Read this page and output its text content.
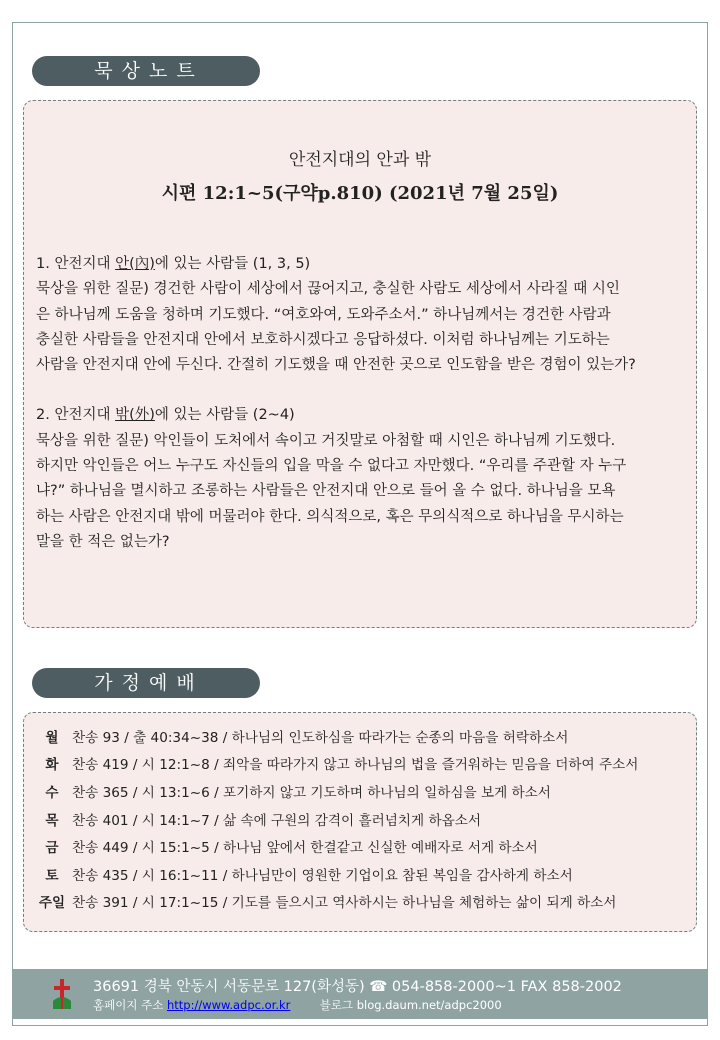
묵상노트
안전지대의 안과 밖
시편 12:1~5(구약p.810) (2021년 7월 25일)

1. 안전지대 안(內)에 있는 사람들 (1, 3, 5)

묵상을 위한 질문) 경건한 사람이 세상에서 끊어지고, 충실한 사람도 세상에서 사라질 때 시인

은 하나님께 도움을 청하며 기도했다. “여호와여, 도와주소서.” 하나님께서는 경건한 사람과

충실한 사람들을 안전지대 안에서 보호하시겠다고 응답하셨다. 이처럼 하나님께는 기도하는

사람을 안전지대 안에 두신다. 간절히 기도했을 때 안전한 곳으로 인도함을 받은 경험이 있는가?

2. 안전지대 밖(外)에 있는 사람들 (2~4)

묵상을 위한 질문) 악인들이 도처에서 속이고 거짓말로 아첨할 때 시인은 하나님께 기도했다.

하지만 악인들은 어느 누구도 자신들의 입을 막을 수 없다고 자만했다. “우리를 주관할 자 누구

냐?” 하나님을 멸시하고 조롱하는 사람들은 안전지대 안으로 들어 올 수 없다. 하나님을 모욕

하는 사람은 안전지대 밖에 머물러야 한다. 의식적으로, 혹은 무의식적으로 하나님을 무시하는

말을 한 적은 없는가?

가정예배
월 찬송 93 / 출 40:34~38 / 하나님의 인도하심을 따라가는 순종의 마음을 허락하소서
화 찬송 419 / 시 12:1~8 / 죄악을 따라가지 않고 하나님의 법을 즐거워하는 믿음을 더하여 주소서
수 찬송 365 / 시 13:1~6 / 포기하지 않고 기도하며 하나님의 일하심을 보게 하소서
목 찬송 401 / 시 14:1~7 / 삶 속에 구원의 감격이 흘러넘치게 하옵소서
금 찬송 449 / 시 15:1~5 / 하나님 앞에서 한결같고 신실한 예배자로 서게 하소서
토 찬송 435 / 시 16:1~11 / 하나님만이 영원한 기업이요 참된 복임을 감사하게 하소서
주일 찬송 391 / 시 17:1~15 / 기도를 들으시고 역사하시는 하나님을 체험하는 삶이 되게 하소서
36691 경북 안동시 서동문로 127(화성동) ☎ 054-858-2000~1 FAX 858-2002
홈페이지 주소 http://www.adpc.or.kr	블로그 blog.daum.net/adpc2000
